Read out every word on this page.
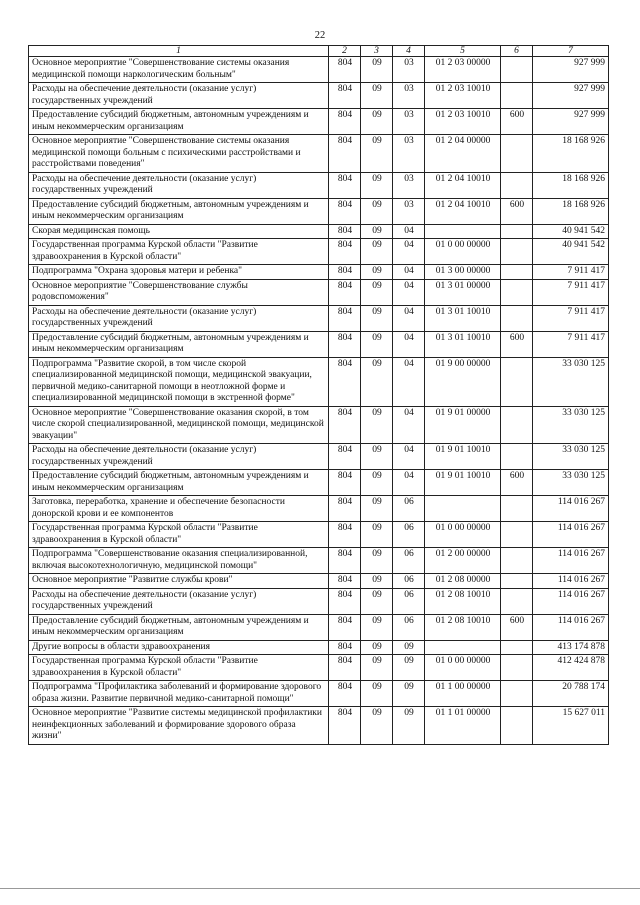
22
1	2	3	4	5	6	7
Основное мероприятие "Совершенствование системы оказания медицинской помощи наркологическим больным"	804	09	03	01 2 03 00000		927 999
Расходы на обеспечение деятельности (оказание услуг) государственных учреждений	804	09	03	01 2 03 10010		927 999
Предоставление субсидий бюджетным, автономным учреждениям и иным некоммерческим организациям	804	09	03	01 2 03 10010	600	927 999
Основное мероприятие "Совершенствование системы оказания медицинской помощи больным с психическими расстройствами и расстройствами поведения"	804	09	03	01 2 04 00000		18 168 926
Расходы на обеспечение деятельности (оказание услуг) государственных учреждений	804	09	03	01 2 04 10010		18 168 926
Предоставление субсидий бюджетным, автономным учреждениям и иным некоммерческим организациям	804	09	03	01 2 04 10010	600	18 168 926
Скорая медицинская помощь	804	09	04			40 941 542
Государственная программа Курской области "Развитие здравоохранения в Курской области"	804	09	04	01 0 00 00000		40 941 542
Подпрограмма "Охрана здоровья матери и ребенка"	804	09	04	01 3 00 00000		7 911 417
Основное мероприятие "Совершенствование службы родовспоможения"	804	09	04	01 3 01 00000		7 911 417
Расходы на обеспечение деятельности (оказание услуг) государственных учреждений	804	09	04	01 3 01 10010		7 911 417
Предоставление субсидий бюджетным, автономным учреждениям и иным некоммерческим организациям	804	09	04	01 3 01 10010	600	7 911 417
Подпрограмма "Развитие скорой, в том числе скорой специализированной медицинской помощи, медицинской эвакуации, первичной медико-санитарной помощи в неотложной форме и специализированной медицинской помощи в экстренной форме"	804	09	04	01 9 00 00000		33 030 125
Основное мероприятие "Совершенствование оказания скорой, в том числе скорой специализированной, медицинской помощи, медицинской эвакуации"	804	09	04	01 9 01 00000		33 030 125
Расходы на обеспечение деятельности (оказание услуг) государственных учреждений	804	09	04	01 9 01 10010		33 030 125
Предоставление субсидий бюджетным, автономным учреждениям и иным некоммерческим организациям	804	09	04	01 9 01 10010	600	33 030 125
Заготовка, переработка, хранение и обеспечение безопасности донорской крови и ее компонентов	804	09	06			114 016 267
Государственная программа Курской области "Развитие здравоохранения в Курской области"	804	09	06	01 0 00 00000		114 016 267
Подпрограмма "Совершенствование оказания специализированной, включая высокотехнологичную, медицинской помощи"	804	09	06	01 2 00 00000		114 016 267
Основное мероприятие "Развитие службы крови"	804	09	06	01 2 08 00000		114 016 267
Расходы на обеспечение деятельности (оказание услуг) государственных учреждений	804	09	06	01 2 08 10010		114 016 267
Предоставление субсидий бюджетным, автономным учреждениям и иным некоммерческим организациям	804	09	06	01 2 08 10010	600	114 016 267
Другие вопросы в области здравоохранения	804	09	09			413 174 878
Государственная программа Курской области "Развитие здравоохранения в Курской области"	804	09	09	01 0 00 00000		412 424 878
Подпрограмма "Профилактика заболеваний и формирование здорового образа жизни. Развитие первичной медико-санитарной помощи"	804	09	09	01 1 00 00000		20 788 174
Основное мероприятие "Развитие системы медицинской профилактики неинфекционных заболеваний и формирование здорового образа жизни"	804	09	09	01 1 01 00000		15 627 011
